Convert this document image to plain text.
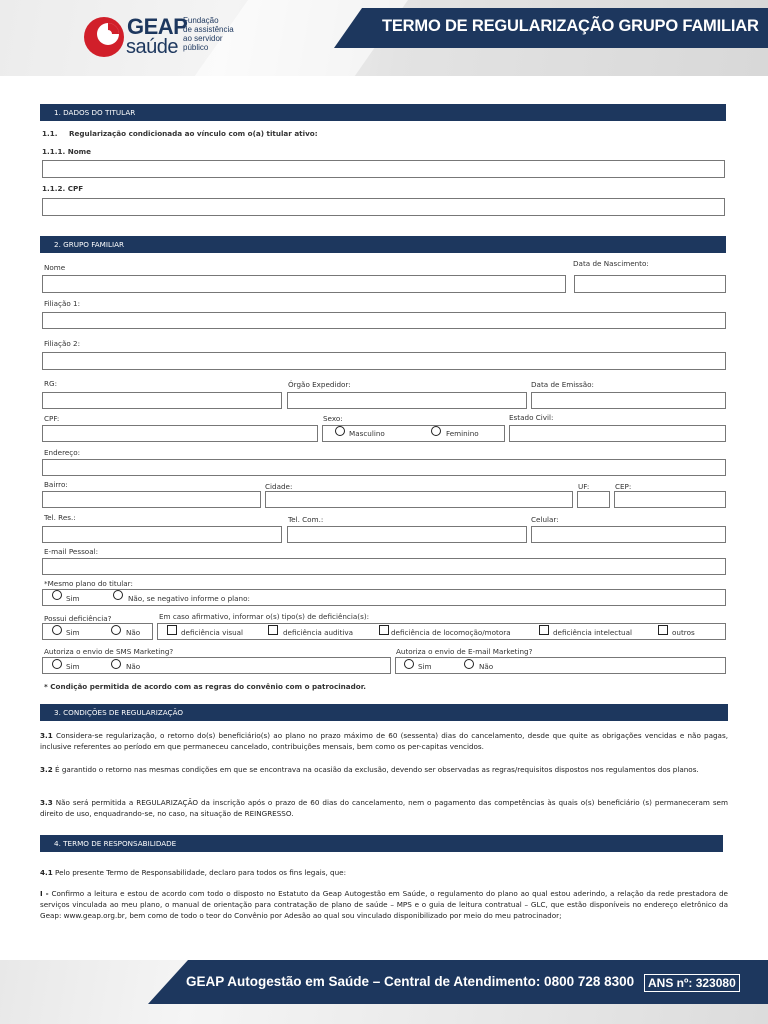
GEAP
saúde
Fundação
de assistência
ao servidor
público
TERMO DE REGULARIZAÇÃO GRUPO FAMILIAR
1. DADOS DO TITULAR
1.1. Regularização condicionada ao vínculo com o(a) titular ativo:
1.1.1. Nome
1.1.2. CPF
2. GRUPO FAMILIAR
Nome	Data de Nascimento:
Filiação 1:
Filiação 2:
RG:	Órgão Expedidor:	Data de Emissão:
CPF:	Sexo:	Estado Civil:
Masculino	Feminino
Endereço:
Bairro:	Cidade:	UF:	CEP:
Tel. Res.:	Tel. Com.:	Celular:
E-mail Pessoal:
*Mesmo plano do titular:
Sim	Não, se negativo informe o plano:
Possui deficiência?	Em caso afirmativo, informar o(s) tipo(s) de deficiência(s):
Sim	Não	deficiência visual	deficiência auditiva	deficiência de locomoção/motora	deficiência intelectual	outros
Autoriza o envio de SMS Marketing?	Autoriza o envio de E-mail Marketing?
Sim	Não	Sim	Não
* Condição permitida de acordo com as regras do convênio com o patrocinador.
3. CONDIÇÕES DE REGULARIZAÇÃO
3.1 Considera-se regularização, o retorno do(s) beneficiário(s) ao plano no prazo máximo de 60 (sessenta) dias do cancelamento, desde que quite as obrigações vencidas e não pagas, inclusive referentes ao período em que permaneceu cancelado, contribuições mensais, bem como os per-capitas vencidos.
3.2 É garantido o retorno nas mesmas condições em que se encontrava na ocasião da exclusão, devendo ser observadas as regras/requisitos dispostos nos regulamentos dos planos.
3.3 Não será permitida a REGULARIZAÇÃO da inscrição após o prazo de 60 dias do cancelamento, nem o pagamento das competências às quais o(s) beneficiário (s) permaneceram sem direito de uso, enquadrando-se, no caso, na situação de REINGRESSO.
4. TERMO DE RESPONSABILIDADE
4.1 Pelo presente Termo de Responsabilidade, declaro para todos os fins legais, que:
I - Confirmo a leitura e estou de acordo com todo o disposto no Estatuto da Geap Autogestão em Saúde, o regulamento do plano ao qual estou aderindo, a relação da rede prestadora de serviços vinculada ao meu plano, o manual de orientação para contratação de plano de saúde – MPS e o guia de leitura contratual – GLC, que estão disponíveis no endereço eletrônico da Geap: www.geap.org.br, bem como de todo o teor do Convênio por Adesão ao qual sou vinculado disponibilizado por meio do meu patrocinador;
GEAP Autogestão em Saúde – Central de Atendimento: 0800 728 8300	ANS nº: 323080
